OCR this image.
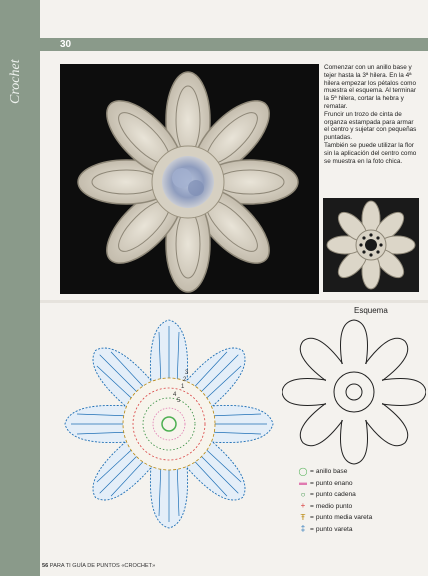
Crochet
30

Comenzar con un anillo base y tejer hasta la 3ª hilera. En la 4ª hilera empezar los pétalos como muestra el esquema. Al terminar la 5ª hilera, cortar la hebra y rematar.

Fruncir un trozo de cinta de organza estampada para armar el centro y sujetar con pequeñas puntadas.

También se puede utilizar la flor sin la aplicación del centro como se muestra en la foto chica.

1
2
3
4
5
Esquema
◯ = anillo base
▬ = punto enano
○ = punto cadena
+ = medio punto
Ŧ = punto media vareta
‡ = punto vareta
56 PARA TI GUÍA DE PUNTOS «CROCHET»
